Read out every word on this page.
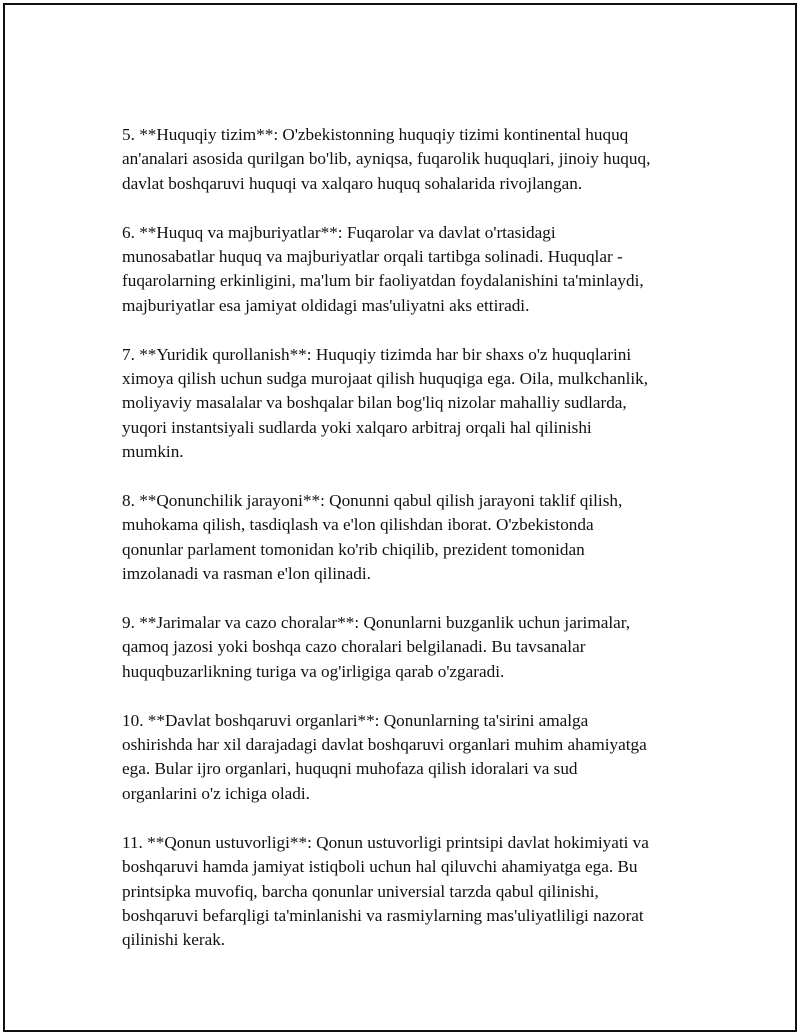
5. **Huquqiy tizim**: O'zbekistonning huquqiy tizimi kontinental huquq
an'analari asosida qurilgan bo'lib, ayniqsa, fuqarolik huquqlari, jinoiy huquq,
davlat boshqaruvi huquqi va xalqaro huquq sohalarida rivojlangan.

6. **Huquq va majburiyatlar**: Fuqarolar va davlat o'rtasidagi
munosabatlar huquq va majburiyatlar orqali tartibga solinadi. Huquqlar -
fuqarolarning erkinligini, ma'lum bir faoliyatdan foydalanishini ta'minlaydi,
majburiyatlar esa jamiyat oldidagi mas'uliyatni aks ettiradi.

7. **Yuridik qurollanish**: Huquqiy tizimda har bir shaxs o'z huquqlarini
ximoya qilish uchun sudga murojaat qilish huquqiga ega. Oila, mulkchanlik,
moliyaviy masalalar va boshqalar bilan bog'liq nizolar mahalliy sudlarda,
yuqori instantsiyali sudlarda yoki xalqaro arbitraj orqali hal qilinishi
mumkin.

8. **Qonunchilik jarayoni**: Qonunni qabul qilish jarayoni taklif qilish,
muhokama qilish, tasdiqlash va e'lon qilishdan iborat. O'zbekistonda
qonunlar parlament tomonidan ko'rib chiqilib, prezident tomonidan
imzolanadi va rasman e'lon qilinadi.

9. **Jarimalar va cazo choralar**: Qonunlarni buzganlik uchun jarimalar,
qamoq jazosi yoki boshqa cazo choralari belgilanadi. Bu tavsanalar
huquqbuzarlikning turiga va og'irligiga qarab o'zgaradi.

10. **Davlat boshqaruvi organlari**: Qonunlarning ta'sirini amalga
oshirishda har xil darajadagi davlat boshqaruvi organlari muhim ahamiyatga
ega. Bular ijro organlari, huquqni muhofaza qilish idoralari va sud
organlarini o'z ichiga oladi.

11. **Qonun ustuvorligi**: Qonun ustuvorligi printsipi davlat hokimiyati va
boshqaruvi hamda jamiyat istiqboli uchun hal qiluvchi ahamiyatga ega. Bu
printsipka muvofiq, barcha qonunlar universial tarzda qabul qilinishi,
boshqaruvi befarqligi ta'minlanishi va rasmiylarning mas'uliyatliligi nazorat
qilinishi kerak.
